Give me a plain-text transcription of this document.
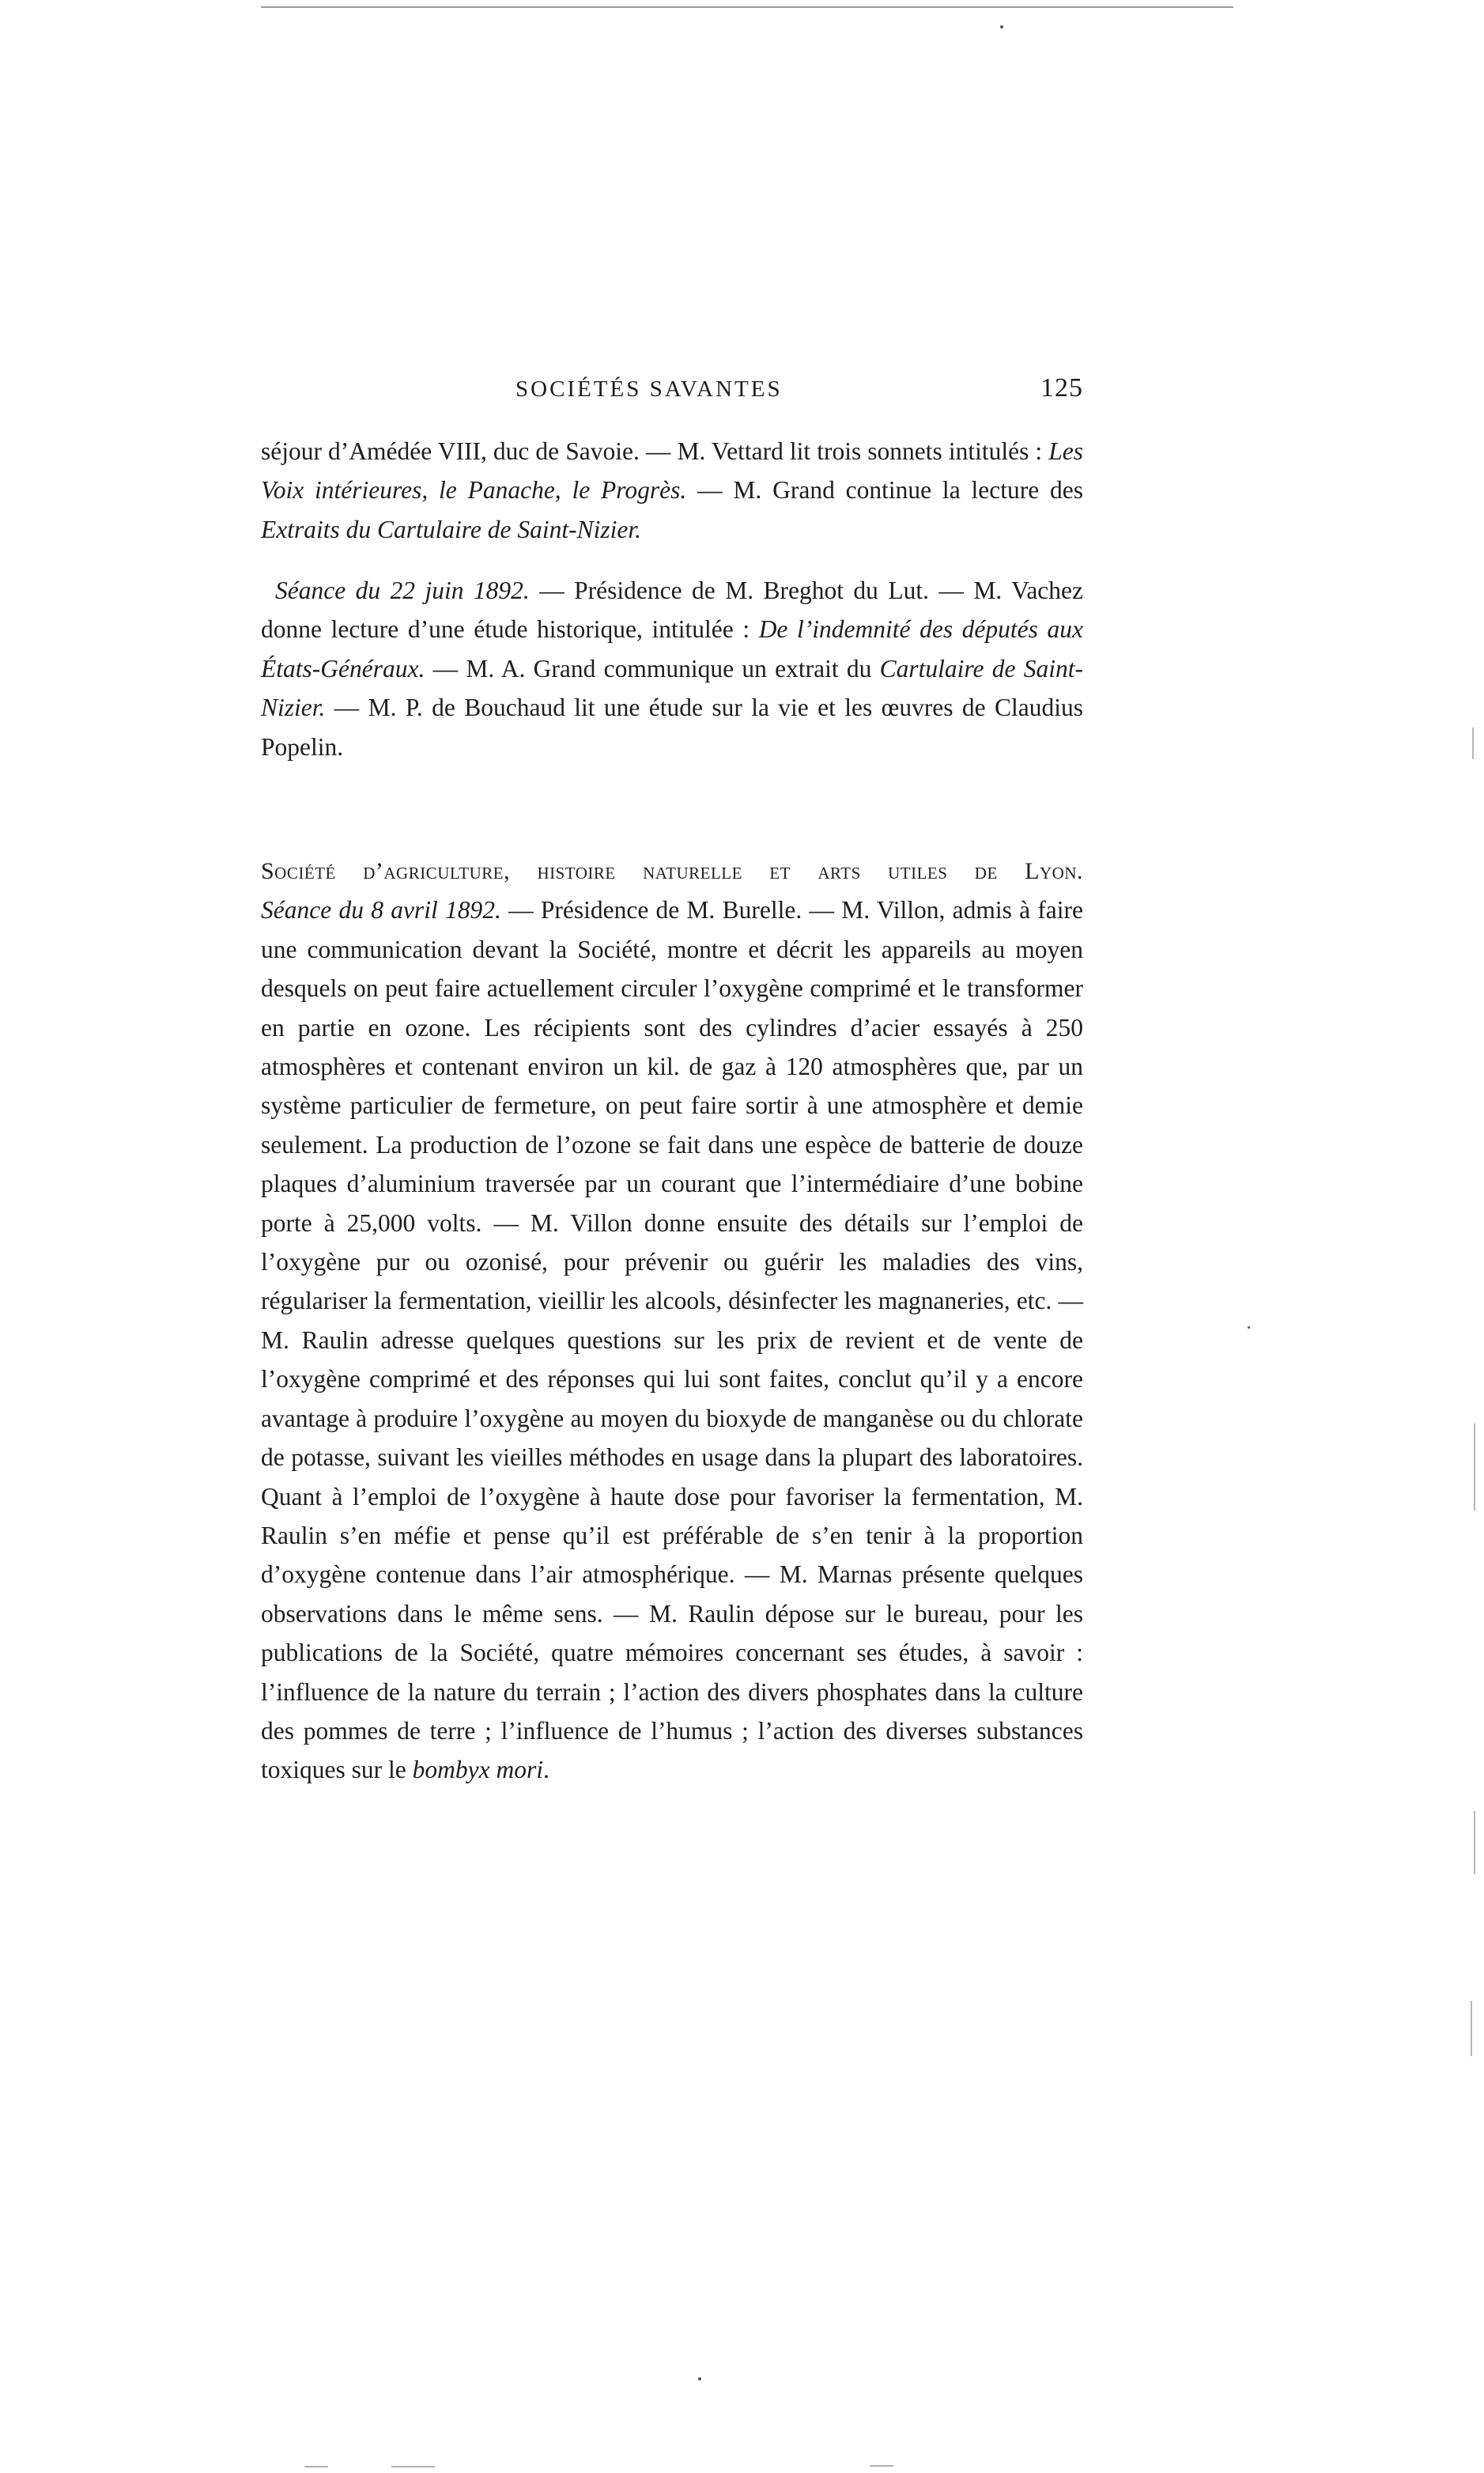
SOCIÉTÉS SAVANTES	125

séjour d’Amédée VIII, duc de Savoie. — M. Vettard lit trois sonnets intitulés : Les Voix intérieures, le Panache, le Progrès. — M. Grand continue la lecture des Extraits du Cartulaire de Saint-Nizier.

Séance du 22 juin 1892. — Présidence de M. Breghot du Lut. — M. Vachez donne lecture d’une étude historique, intitulée : De l’indemnité des députés aux États-Généraux. — M. A. Grand communique un extrait du Cartulaire de Saint-Nizier. — M. P. de Bouchaud lit une étude sur la vie et les œuvres de Claudius Popelin.

Société d’agriculture, histoire naturelle et arts utiles de Lyon.

Séance du 8 avril 1892. — Présidence de M. Burelle. — M. Villon, admis à faire une communication devant la Société, montre et décrit les appareils au moyen desquels on peut faire actuellement circuler l’oxygène comprimé et le transformer en partie en ozone. Les récipients sont des cylindres d’acier essayés à 250 atmosphères et contenant environ un kil. de gaz à 120 atmosphères que, par un système particulier de fermeture, on peut faire sortir à une atmosphère et demie seulement. La production de l’ozone se fait dans une espèce de batterie de douze plaques d’aluminium traversée par un courant que l’intermédiaire d’une bobine porte à 25,000 volts. — M. Villon donne ensuite des détails sur l’emploi de l’oxygène pur ou ozonisé, pour prévenir ou guérir les maladies des vins, régulariser la fermentation, vieillir les alcools, désinfecter les magnaneries, etc. — M. Raulin adresse quelques questions sur les prix de revient et de vente de l’oxygène comprimé et des réponses qui lui sont faites, conclut qu’il y a encore avantage à produire l’oxygène au moyen du bioxyde de manganèse ou du chlorate de potasse, suivant les vieilles méthodes en usage dans la plupart des laboratoires. Quant à l’emploi de l’oxygène à haute dose pour favoriser la fermentation, M. Raulin s’en méfie et pense qu’il est préférable de s’en tenir à la proportion d’oxygène contenue dans l’air atmosphérique. — M. Marnas présente quelques observations dans le même sens. — M. Raulin dépose sur le bureau, pour les publications de la Société, quatre mémoires concernant ses études, à savoir : l’influence de la nature du terrain ; l’action des divers phosphates dans la culture des pommes de terre ; l’influence de l’humus ; l’action des diverses substances toxiques sur le bombyx mori.
